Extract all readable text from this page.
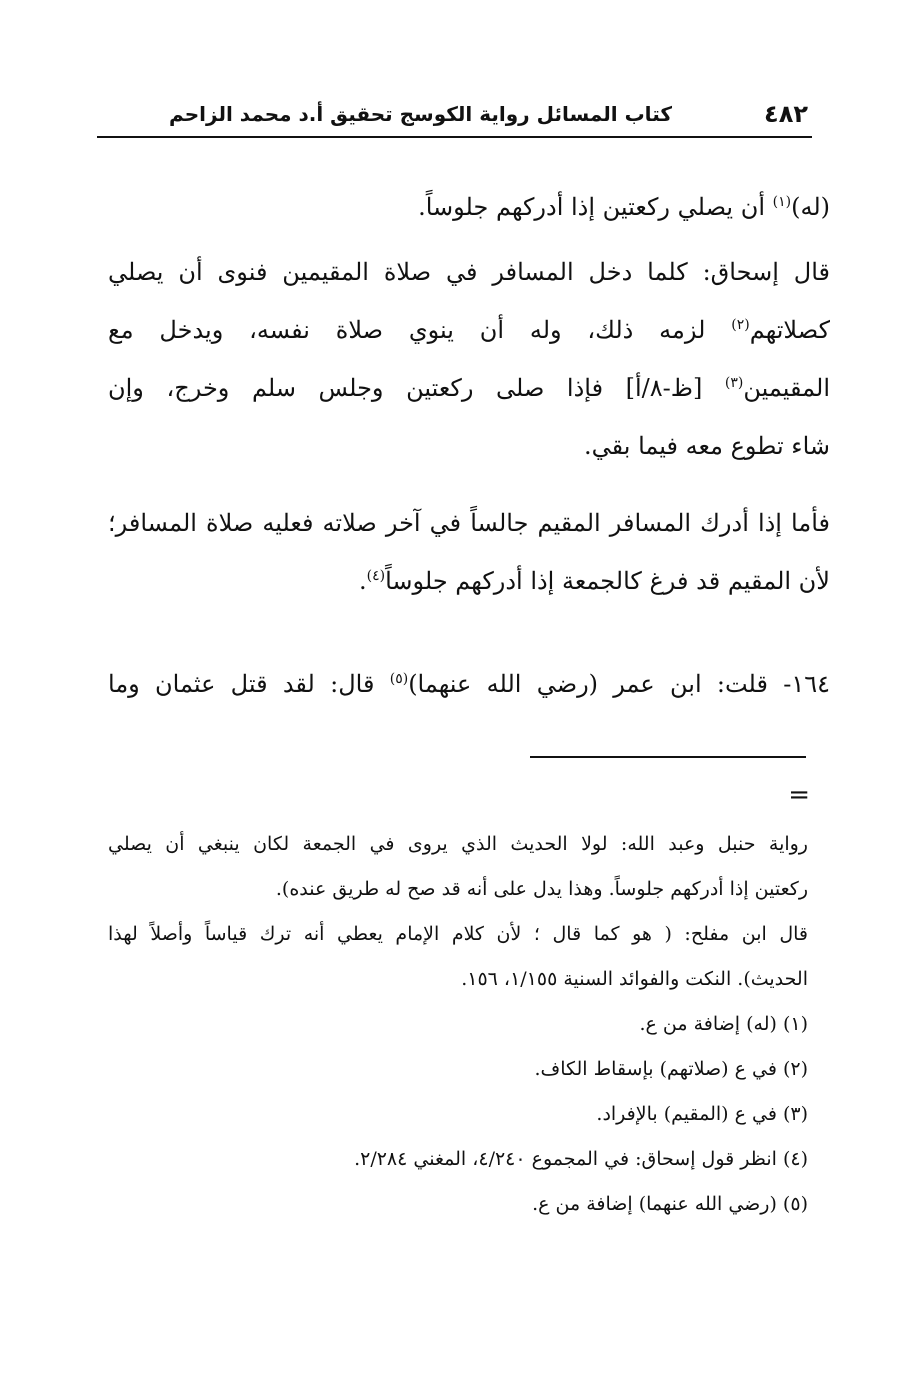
٤٨٢
كتاب المسائل رواية الكوسج تحقيق أ.د محمد الزاحم
(له)$^{(١)}$ أن يصلي ركعتين إذا أدركهم جلوساً.
قال إسحاق: كلما دخل المسافر في صلاة المقيمين فنوى أن يصلي
كصلاتهم$^{(٢)}$ لزمه ذلك، وله أن ينوي صلاة نفسه، ويدخل مع
المقيمين$^{(٣)}$ [ظ-٨/أ] فإذا صلى ركعتين وجلس سلم وخرج، وإن
شاء تطوع معه فيما بقي.
فأما إذا أدرك المسافر المقيم جالساً في آخر صلاته فعليه صلاة المسافر؛
لأن المقيم قد فرغ كالجمعة إذا أدركهم جلوساً$^{(٤)}$.
١٦٤- قلت: ابن عمر (رضي الله عنهما)$^{(٥)}$ قال: لقد قتل عثمان وما
=
رواية حنبل وعبد الله: لولا الحديث الذي يروى في الجمعة لكان ينبغي أن يصلي
ركعتين إذا أدركهم جلوساً. وهذا يدل على أنه قد صح له طريق عنده).
قال ابن مفلح: ( هو كما قال ؛ لأن كلام الإمام يعطي أنه ترك قياساً وأصلاً لهذا
الحديث). النكت والفوائد السنية ١/١٥٥، ١٥٦.
(١) (له) إضافة من ع.
(٢) في ع (صلاتهم) بإسقاط الكاف.
(٣) في ع (المقيم) بالإفراد.
(٤) انظر قول إسحاق: في المجموع ٤/٢٤٠، المغني ٢/٢٨٤.
(٥) (رضي الله عنهما) إضافة من ع.
